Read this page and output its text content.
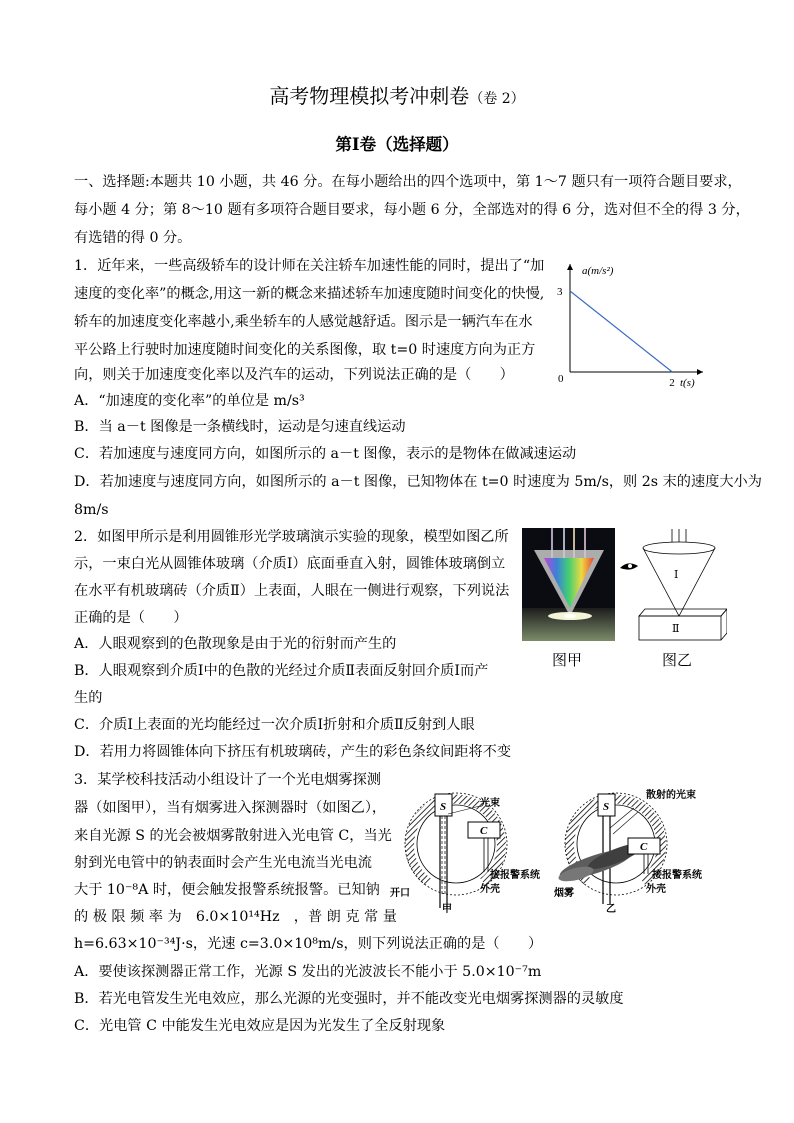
高考物理模拟考冲刺卷（卷 2）
第Ⅰ卷（选择题）
一、选择题:本题共 10 小题，共 46 分。在每小题给出的四个选项中，第 1～7 题只有一项符合题目要求，
每小题 4 分；第 8～10 题有多项符合题目要求，每小题 6 分，全部选对的得 6 分，选对但不全的得 3 分，
有选错的得 0 分。
1．近年来，一些高级轿车的设计师在关注轿车加速性能的同时，提出了“加
速度的变化率”的概念,用这一新的概念来描述轿车加速度随时间变化的快慢,
轿车的加速度变化率越小,乘坐轿车的人感觉越舒适。图示是一辆汽车在水
平公路上行驶时加速度随时间变化的关系图像，取 t=0 时速度方向为正方
向，则关于加速度变化率以及汽车的运动，下列说法正确的是（　　）
A．“加速度的变化率”的单位是 m/s³
B．当 a－t 图像是一条横线时，运动是匀速直线运动
C．若加速度与速度同方向，如图所示的 a－t 图像，表示的是物体在做减速运动
D．若加速度与速度同方向，如图所示的 a－t 图像，已知物体在 t=0 时速度为 5m/s，则 2s 末的速度大小为
8m/s
a(m/s²)
t(s)
0	2
3
2．如图甲所示是利用圆锥形光学玻璃演示实验的现象，模型如图乙所
示，一束白光从圆锥体玻璃（介质Ⅰ）底面垂直入射，圆锥体玻璃倒立
在水平有机玻璃砖（介质Ⅱ）上表面，人眼在一侧进行观察，下列说法
正确的是（　　）
A．人眼观察到的色散现象是由于光的衍射而产生的
B．人眼观察到介质Ⅰ中的色散的光经过介质Ⅱ表面反射回介质Ⅰ而产
生的
C．介质Ⅰ上表面的光均能经过一次介质Ⅰ折射和介质Ⅱ反射到人眼
D．若用力将圆锥体向下挤压有机玻璃砖，产生的彩色条纹间距将不变
Ⅰ
Ⅱ
图甲	图乙
3．某学校科技活动小组设计了一个光电烟雾探测
器（如图甲），当有烟雾进入探测器时（如图乙），
来自光源 S 的光会被烟雾散射进入光电管 C，当光
射到光电管中的钠表面时会产生光电流当光电流
大于 10⁻⁸A 时，便会触发报警系统报警。已知钠
的 极 限 频 率 为　6.0×10¹⁴Hz　，普 朗 克 常 量
h=6.63×10⁻³⁴J·s，光速 c=3.0×10⁸m/s，则下列说法正确的是（　　）
A．要使该探测器正常工作，光源 S 发出的光波波长不能小于 5.0×10⁻⁷m
B．若光电管发生光电效应，那么光源的光变强时，并不能改变光电烟雾探测器的灵敏度
C．光电管 C 中能发生光电效应是因为光发生了全反射现象
S
C
光束
接报警系统
外壳
开口
甲
S
C
散射的光束
接报警系统
外壳
烟雾
乙
